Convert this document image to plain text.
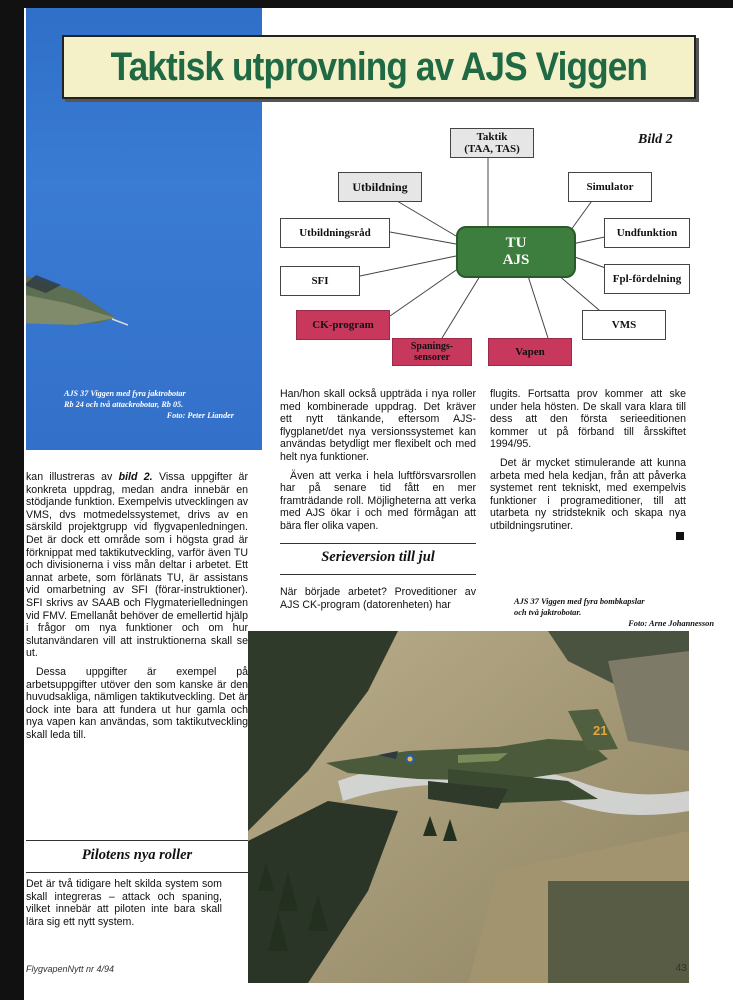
6
AJS 37 Viggen med fyra jaktrobotar
Rb 24 och två attackrobotar, Rb 05.
Foto: Peter Liander
Taktisk utprovning av AJS Viggen
Bild 2
Taktik
(TAA, TAS)
Utbildning
Utbildningsråd
SFI
CK-program
Spanings-
sensorer	Vapen
VMS
Fpl-fördelning
Undfunktion
Simulator
TU
AJS

kan illustreras av bild 2. Vissa uppgifter är konkreta uppdrag, medan andra innebär en stödjande funktion. Exempelvis utvecklingen av VMS, dvs motmedelssystemet, drivs av en särskild projektgrupp vid flygvapenledningen. Det är dock ett område som i högsta grad är förknippat med taktikutveckling, varför även TU och divisionerna i viss mån deltar i arbetet. Ett annat arbete, som förlänats TU, är assistans vid omarbetning av SFI (förar-instruktioner). SFI skrivs av SAAB och Flygmaterielledningen vid FMV. Emellanåt behöver de emellertid hjälp i frågor om nya funktioner och om hur slutanvändaren vill att instruktionerna skall se ut.

Dessa uppgifter är exempel på arbetsuppgifter utöver den som kanske är den huvudsakliga, nämligen taktikutveckling. Det är dock inte bara att fundera ut hur gamla och nya vapen kan användas, som taktikutveckling skall leda till.

Pilotens nya roller

Det är två tidigare helt skilda system som skall integreras – attack och spaning, vilket innebär att piloten inte bara skall lära sig ett nytt system.

Han/hon skall också uppträda i nya roller med kombinerade uppdrag. Det kräver ett nytt tänkande, eftersom AJS-flygplanet/det nya versionssystemet kan användas betydligt mer flexibelt och med helt nya funktioner.

Även att verka i hela luftförsvarsrollen har på senare tid fått en mer framträdande roll. Möjligheterna att verka med AJS ökar i och med förmågan att bära fler olika vapen.

Serieversion till jul

När började arbetet? Proveditioner av AJS CK-program (datorenheten) har

flugits. Fortsatta prov kommer att ske under hela hösten. De skall vara klara till dess att den första serieeditionen kommer ut på förband till årsskiftet 1994/95.

Det är mycket stimulerande att kunna arbeta med hela kedjan, från att påverka systemet rent tekniskt, med exempelvis funktioner i programeditioner, till att utarbeta ny stridsteknik och skapa nya utbildningsrutiner.

AJS 37 Viggen med fyra bombkapslar
och två jaktrobotar.
Foto: Arne Johannesson
21
FlygvapenNytt nr 4/94	43
